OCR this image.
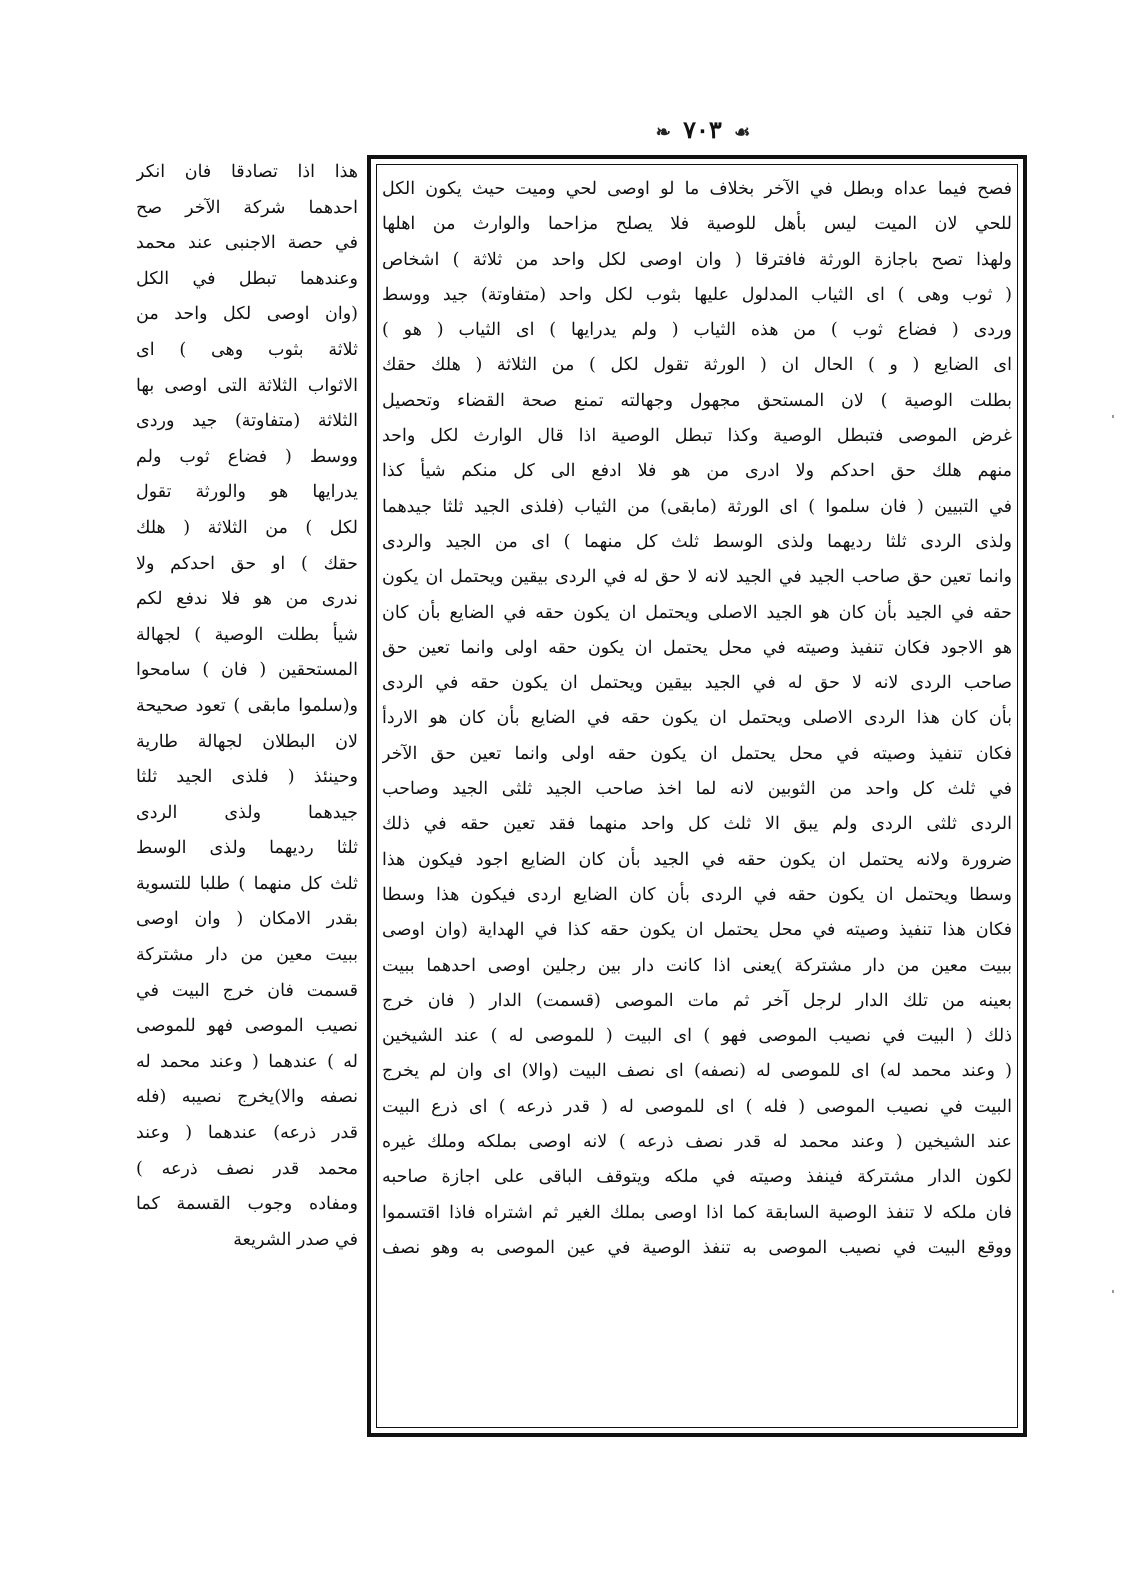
❧ ٧٠٣ ☙
فصح فيما عداه وبطل في الآخر بخلاف ما لو اوصى لحي وميت حيث يكون الكل
للحي لان الميت ليس بأهل للوصية فلا يصلح مزاحما والوارث من اهلها
ولهذا تصح باجازة الورثة فافترقا ( وان اوصى لكل واحد من ثلاثة ) اشخاص
( ثوب وهى ) اى الثياب المدلول عليها بثوب لكل واحد (متفاوتة) جيد ووسط
وردى ( فضاع ثوب ) من هذه الثياب ( ولم يدرايها ) اى الثياب ( هو )
اى الضايع ( و ) الحال ان ( الورثة تقول لكل ) من الثلاثة ( هلك حقك
بطلت الوصية ) لان المستحق مجهول وجهالته تمنع صحة القضاء وتحصيل
غرض الموصى فتبطل الوصية وكذا تبطل الوصية اذا قال الوارث لكل واحد
منهم هلك حق احدكم ولا ادرى من هو فلا ادفع الى كل منكم شيأ كذا
في التبيين ( فان سلموا ) اى الورثة (مابقى) من الثياب (فلذى الجيد ثلثا جيدهما
ولذى الردى ثلثا رديهما ولذى الوسط ثلث كل منهما ) اى من الجيد والردى
وانما تعين حق صاحب الجيد في الجيد لانه لا حق له في الردى بيقين ويحتمل ان يكون
حقه في الجيد بأن كان هو الجيد الاصلى ويحتمل ان يكون حقه في الضايع بأن كان
هو الاجود فكان تنفيذ وصيته في محل يحتمل ان يكون حقه اولى وانما تعين حق
صاحب الردى لانه لا حق له في الجيد بيقين ويحتمل ان يكون حقه في الردى
بأن كان هذا الردى الاصلى ويحتمل ان يكون حقه في الضايع بأن كان هو الاردأ
فكان تنفيذ وصيته في محل يحتمل ان يكون حقه اولى وانما تعين حق الآخر
في ثلث كل واحد من الثوبين لانه لما اخذ صاحب الجيد ثلثى الجيد وصاحب
الردى ثلثى الردى ولم يبق الا ثلث كل واحد منهما فقد تعين حقه في ذلك
ضرورة ولانه يحتمل ان يكون حقه في الجيد بأن كان الضايع اجود فيكون هذا
وسطا ويحتمل ان يكون حقه في الردى بأن كان الضايع اردى فيكون هذا وسطا
فكان هذا تنفيذ وصيته في محل يحتمل ان يكون حقه كذا في الهداية (وان اوصى
ببيت معين من دار مشتركة )يعنى اذا كانت دار بين رجلين اوصى احدهما ببيت
بعينه من تلك الدار لرجل آخر ثم مات الموصى (قسمت) الدار ( فان خرج
ذلك ( البيت في نصيب الموصى فهو ) اى البيت ( للموصى له ) عند الشيخين
( وعند محمد له) اى للموصى له (نصفه) اى نصف البيت (والا) اى وان لم يخرج
البيت في نصيب الموصى ( فله ) اى للموصى له ( قدر ذرعه ) اى ذرع البيت
عند الشيخين ( وعند محمد له قدر نصف ذرعه ) لانه اوصى بملكه وملك غيره
لكون الدار مشتركة فينفذ وصيته في ملكه ويتوقف الباقى على اجازة صاحبه
فان ملكه لا تنفذ الوصية السابقة كما اذا اوصى بملك الغير ثم اشتراه فاذا اقتسموا
ووقع البيت في نصيب الموصى به تنفذ الوصية في عين الموصى به وهو نصف
هذا اذا تصادقا فان انكر
احدهما شركة الآخر صح
في حصة الاجنبى عند محمد
وعندهما تبطل في الكل
(وان اوصى لكل واحد من
ثلاثة بثوب وهى ) اى
الاثواب الثلاثة التى اوصى بها
الثلاثة (متفاوتة) جيد وردى
ووسط ( فضاع ثوب ولم
يدرايها هو والورثة تقول
لكل ) من الثلاثة ( هلك
حقك ) او حق احدكم ولا
ندرى من هو فلا ندفع لكم
شيأ بطلت الوصية ) لجهالة
المستحقين ( فان ) سامحوا
و(سلموا مابقى ) تعود صحيحة
لان البطلان لجهالة طارية
وحينئذ ( فلذى الجيد ثلثا
جيدهما ولذى الردى
ثلثا رديهما ولذى الوسط
ثلث كل منهما ) طلبا للتسوية
بقدر الامكان ( وان اوصى
ببيت معين من دار مشتركة
قسمت فان خرج البيت في
نصيب الموصى فهو للموصى
له ) عندهما ( وعند محمد له
نصفه والا)يخرج نصيبه (فله
قدر ذرعه) عندهما ( وعند
محمد قدر نصف ذرعه )
ومفاده وجوب القسمة كما
في صدر الشريعة
